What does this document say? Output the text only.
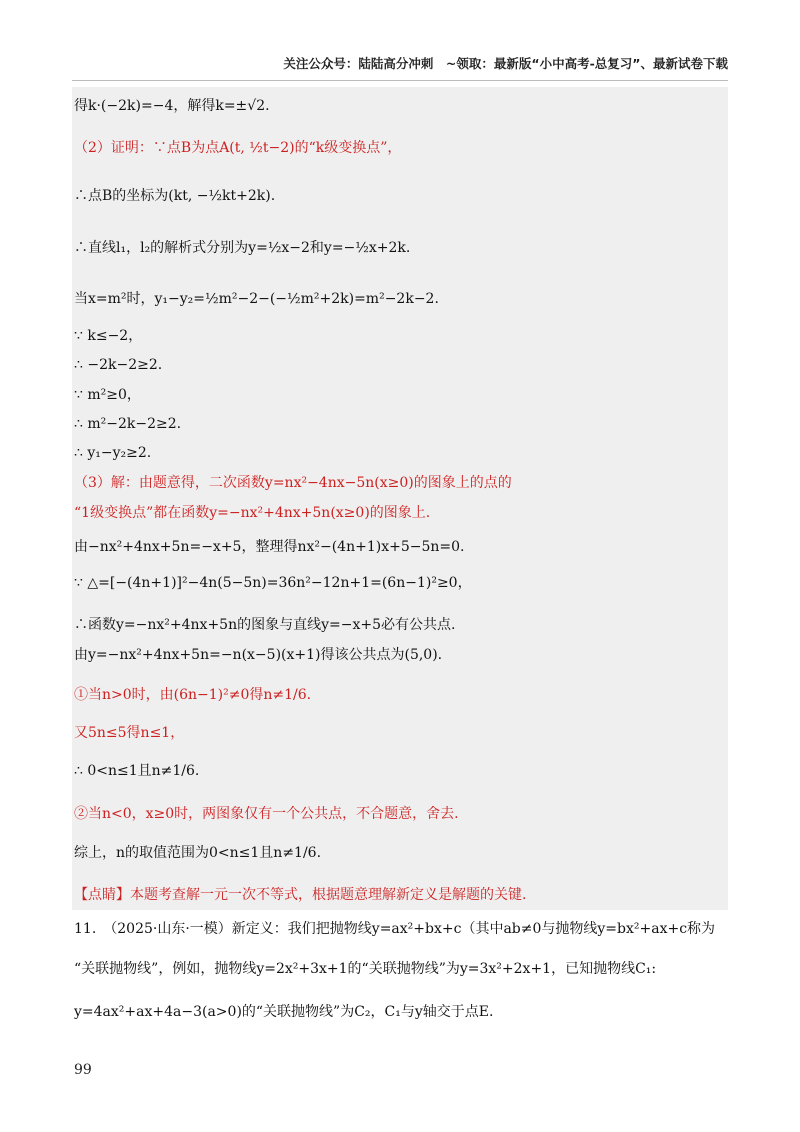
关注公众号：陆陆高分冲刺　~领取：最新版“小中高考-总复习”、最新试卷下载
得k·(−2k)=−4，解得k=±√2.
（2）证明：∵点B为点A(t, ½t−2)的“k级变换点”，
∴点B的坐标为(kt, −½kt+2k).
∴直线l₁，l₂的解析式分别为y=½x−2和y=−½x+2k.
当x=m²时，y₁−y₂=½m²−2−(−½m²+2k)=m²−2k−2.
∵ k≤−2，
∴ −2k−2≥2.
∵ m²≥0，
∴ m²−2k−2≥2.
∴ y₁−y₂≥2.
（3）解：由题意得，二次函数y=nx²−4nx−5n(x≥0)的图象上的点的
“1级变换点”都在函数y=−nx²+4nx+5n(x≥0)的图象上.
由−nx²+4nx+5n=−x+5，整理得nx²−(4n+1)x+5−5n=0.
∵ △=[−(4n+1)]²−4n(5−5n)=36n²−12n+1=(6n−1)²≥0，
∴函数y=−nx²+4nx+5n的图象与直线y=−x+5必有公共点.
由y=−nx²+4nx+5n=−n(x−5)(x+1)得该公共点为(5,0).
①当n>0时，由(6n−1)²≠0得n≠1/6.
又5n≤5得n≤1，
∴ 0<n≤1且n≠1/6.
②当n<0，x≥0时，两图象仅有一个公共点，不合题意，舍去.
综上，n的取值范围为0<n≤1且n≠1/6.
【点睛】本题考查解一元一次不等式，根据题意理解新定义是解题的关键.
11.　（2025·山东·一模）新定义：我们把抛物线y=ax²+bx+c（其中ab≠0与抛物线y=bx²+ax+c称为
“关联抛物线”，例如，抛物线y=2x²+3x+1的“关联抛物线”为y=3x²+2x+1，已知抛物线C₁:
y=4ax²+ax+4a−3(a>0)的“关联抛物线”为C₂，C₁与y轴交于点E.
99
